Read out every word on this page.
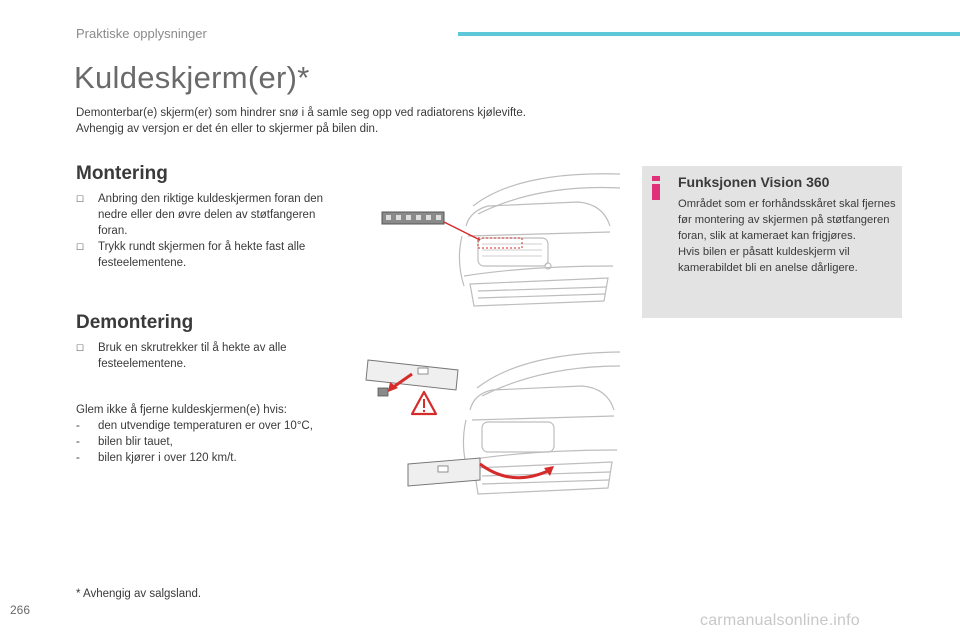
Praktiske opplysninger
Kuldeskjerm(er)*
Demonterbar(e) skjerm(er) som hindrer snø i å samle seg opp ved radiatorens kjølevifte.
Avhengig av versjon er det én eller to skjermer på bilen din.
Montering
☐ Anbring den riktige kuldeskjermen foran den nedre eller den øvre delen av støtfangeren foran.
☐ Trykk rundt skjermen for å hekte fast alle festeelementene.
Demontering
☐ Bruk en skrutrekker til å hekte av alle festeelementene.
Glem ikke å fjerne kuldeskjermen(e) hvis:
-	den utvendige temperaturen er over 10°C,
-	bilen blir tauet,
-	bilen kjører i over 120 km/t.
Funksjonen Vision 360
Området som er forhåndsskåret skal fjernes før montering av skjermen på støtfangeren foran, slik at kameraet kan frigjøres.
Hvis bilen er påsatt kuldeskjerm vil kamerabildet bli en anelse dårligere.
* Avhengig av salgsland.
266
carmanualsonline.info
